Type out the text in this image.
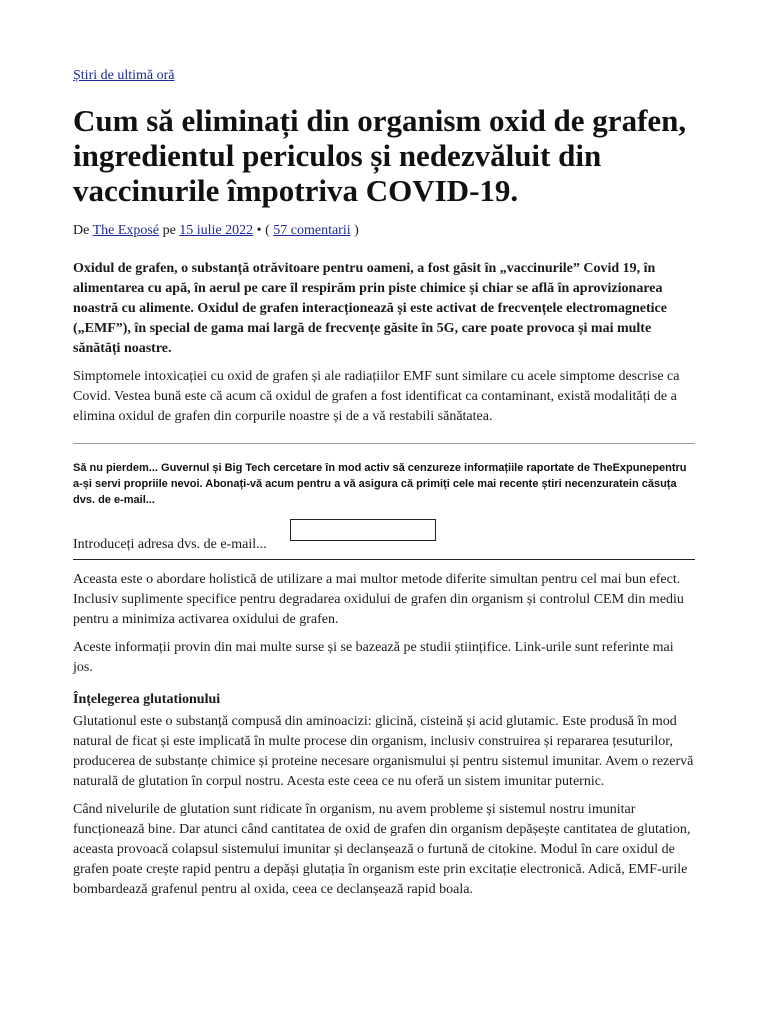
Știri de ultimă oră
Cum să eliminați din organism oxid de grafen, ingredientul periculos și nedezvăluit din vaccinurile împotriva COVID-19.
De The Exposé pe 15 iulie 2022 • ( 57 comentarii )
Oxidul de grafen, o substanță otrăvitoare pentru oameni, a fost găsit în „vaccinurile” Covid 19, în alimentarea cu apă, în aerul pe care îl respirăm prin piste chimice și chiar se află în aprovizionarea noastră cu alimente. Oxidul de grafen interacționează și este activat de frecvențele electromagnetice („EMF”), în special de gama mai largă de frecvențe găsite în 5G, care poate provoca și mai multe sănătăți noastre.

Simptomele intoxicației cu oxid de grafen și ale radiațiilor EMF sunt similare cu acele simptome descrise ca Covid. Vestea bună este că acum că oxidul de grafen a fost identificat ca contaminant, există modalități de a elimina oxidul de grafen din corpurile noastre și de a vă restabili sănătatea.

Să nu pierdem... Guvernul și Big Tech cercetare în mod activ să cenzureze informațiile raportate de TheExpunepentru a-și servi propriile nevoi. Abonați-vă acum pentru a vă asigura că primiți cele mai recente știri necenzuratein căsuța dvs. de e-mail...
Introduceți adresa dvs. de e-mail...

Aceasta este o abordare holistică de utilizare a mai multor metode diferite simultan pentru cel mai bun efect. Inclusiv suplimente specifice pentru degradarea oxidului de grafen din organism și controlul CEM din mediu pentru a minimiza activarea oxidului de grafen.

Aceste informații provin din mai multe surse și se bazează pe studii științifice. Link-urile sunt referinte mai jos.

Înțelegerea glutationului

Glutationul este o substanță compusă din aminoacizi: glicină, cisteină și acid glutamic. Este produsă în mod natural de ficat și este implicată în multe procese din organism, inclusiv construirea și repararea țesuturilor, producerea de substanțe chimice și proteine necesare organismului și pentru sistemul imunitar. Avem o rezervă naturală de glutation în corpul nostru. Acesta este ceea ce nu oferă un sistem imunitar puternic.

Când nivelurile de glutation sunt ridicate în organism, nu avem probleme și sistemul nostru imunitar funcționează bine. Dar atunci când cantitatea de oxid de grafen din organism depășește cantitatea de glutation, aceasta provoacă colapsul sistemului imunitar și declanșează o furtună de citokine. Modul în care oxidul de grafen poate crește rapid pentru a depăși glutația în organism este prin excitație electronică. Adică, EMF-urile bombardează grafenul pentru al oxida, ceea ce declanșează rapid boala.
